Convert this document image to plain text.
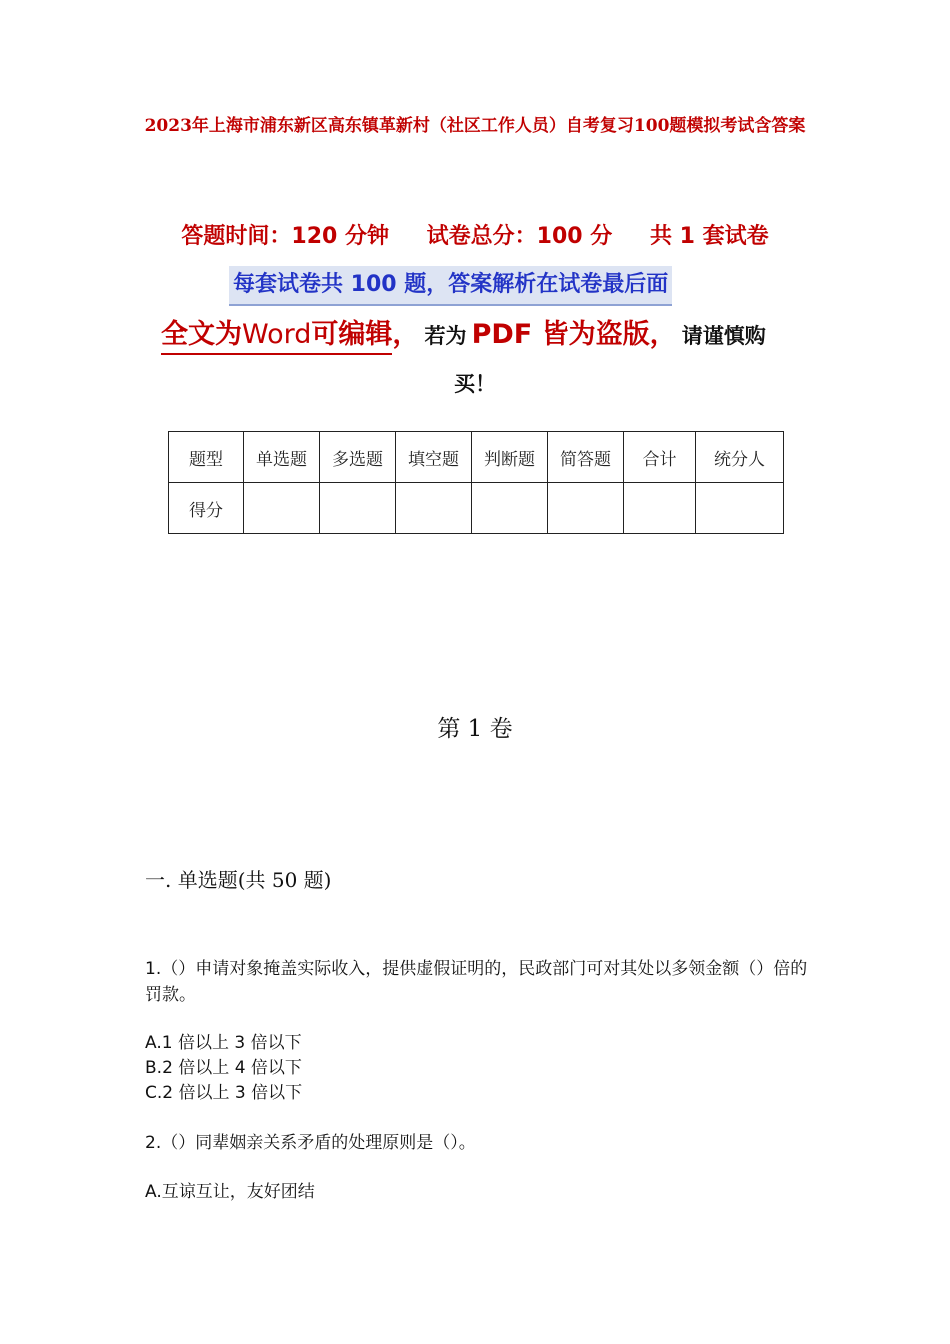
2023年上海市浦东新区高东镇革新村（社区工作人员）自考复习100题模拟考试含答案
答题时间：120 分钟 试卷总分：100 分 共 1 套试卷
每套试卷共 100 题，答案解析在试卷最后面
全文为Word可编辑， 若为 PDF 皆为盗版， 请谨慎购
买！
题型	单选题	多选题	填空题	判断题	简答题	合计	统分人
得分							
第 1 卷
一. 单选题(共 50 题)
1.（）申请对象掩盖实际收入，提供虚假证明的，民政部门可对其处以多领金额（）倍的罚款。
A.1 倍以上 3 倍以下
B.2 倍以上 4 倍以下
C.2 倍以上 3 倍以下
2.（）同辈姻亲关系矛盾的处理原则是（）。
A.互谅互让，友好团结
